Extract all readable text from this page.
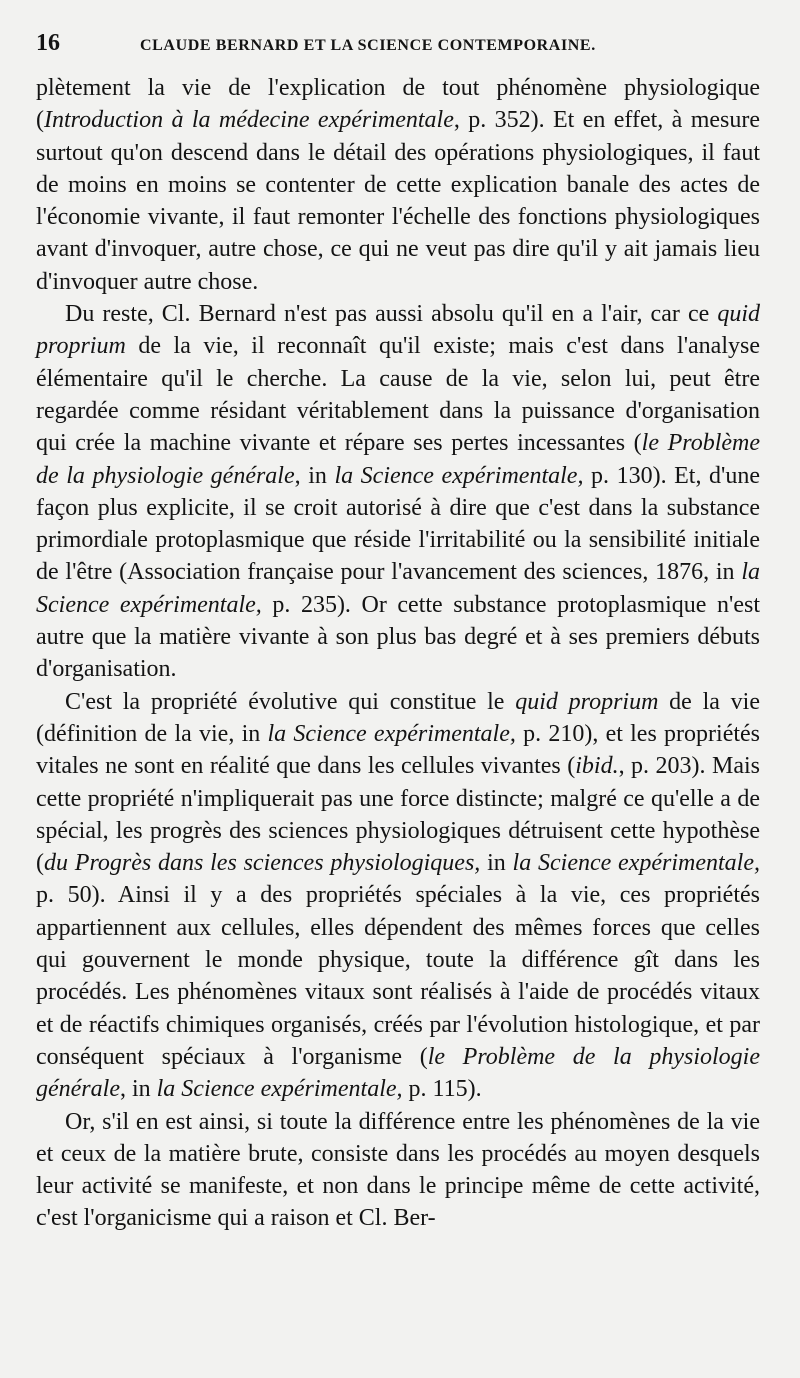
16	CLAUDE BERNARD ET LA SCIENCE CONTEMPORAINE.

plètement la vie de l'explication de tout phénomène physiologique (Introduction à la médecine expérimentale, p. 352). Et en effet, à mesure surtout qu'on descend dans le détail des opérations physiologiques, il faut de moins en moins se contenter de cette explication banale des actes de l'économie vivante, il faut remonter l'échelle des fonctions physiologiques avant d'invoquer, autre chose, ce qui ne veut pas dire qu'il y ait jamais lieu d'invoquer autre chose.

Du reste, Cl. Bernard n'est pas aussi absolu qu'il en a l'air, car ce quid proprium de la vie, il reconnaît qu'il existe; mais c'est dans l'analyse élémentaire qu'il le cherche. La cause de la vie, selon lui, peut être regardée comme résidant véritablement dans la puissance d'organisation qui crée la machine vivante et répare ses pertes incessantes (le Problème de la physiologie générale, in la Science expérimentale, p. 130). Et, d'une façon plus explicite, il se croit autorisé à dire que c'est dans la substance primordiale protoplasmique que réside l'irritabilité ou la sensibilité initiale de l'être (Association française pour l'avancement des sciences, 1876, in la Science expérimentale, p. 235). Or cette substance protoplasmique n'est autre que la matière vivante à son plus bas degré et à ses premiers débuts d'organisation.

C'est la propriété évolutive qui constitue le quid proprium de la vie (définition de la vie, in la Science expérimentale, p. 210), et les propriétés vitales ne sont en réalité que dans les cellules vivantes (ibid., p. 203). Mais cette propriété n'impliquerait pas une force distincte; malgré ce qu'elle a de spécial, les progrès des sciences physiologiques détruisent cette hypothèse (du Progrès dans les sciences physiologiques, in la Science expérimentale, p. 50). Ainsi il y a des propriétés spéciales à la vie, ces propriétés appartiennent aux cellules, elles dépendent des mêmes forces que celles qui gouvernent le monde physique, toute la différence gît dans les procédés. Les phénomènes vitaux sont réalisés à l'aide de procédés vitaux et de réactifs chimiques organisés, créés par l'évolution histologique, et par conséquent spéciaux à l'organisme (le Problème de la physiologie générale, in la Science expérimentale, p. 115).

Or, s'il en est ainsi, si toute la différence entre les phénomènes de la vie et ceux de la matière brute, consiste dans les procédés au moyen desquels leur activité se manifeste, et non dans le principe même de cette activité, c'est l'organicisme qui a raison et Cl. Ber-
